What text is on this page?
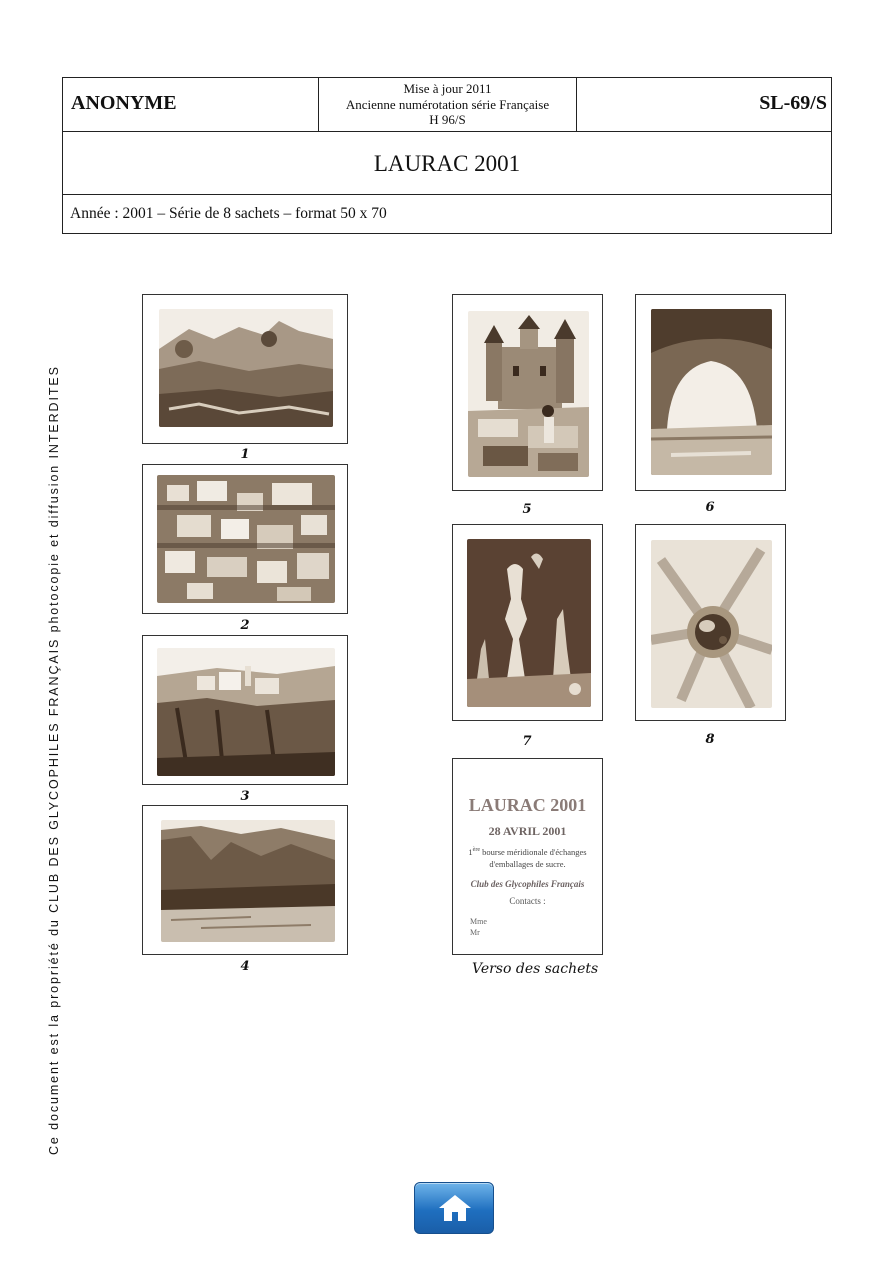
ANONYME
Mise à jour 2011
Ancienne numérotation série Française
H 96/S
SL-69/S
LAURAC 2001
Année : 2001 – Série de 8 sachets – format 50 x 70
Ce document est la propriété du CLUB DES GLYCOPHILES FRANÇAIS photocopie et diffusion INTERDITES	1
2
3
4
5	6
7	8
LAURAC 2001
28 AVRIL 2001
1ère bourse méridionale d'échanges
d'emballages de sucre.
Club des Glycophiles Français
Contacts :
Mme
Mr
Verso des sachets
